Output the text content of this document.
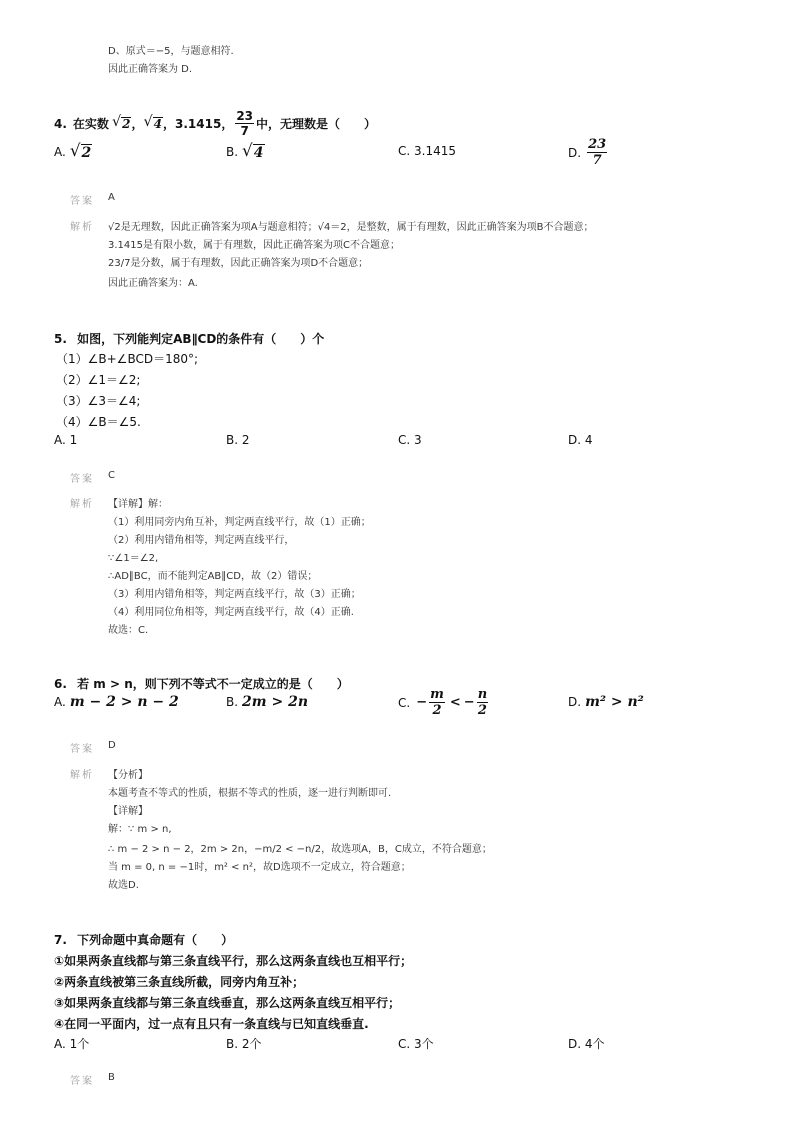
D、原式＝−5，与题意相符.
因此正确答案为 D.
4. 在实数 √ 2 ， √ 4 ，3.1415， $\frac{23}{7}$ 中，无理数是（　　）
A. √ 2	B. √ 4	C. 3.1415	D. $\frac{23}{7}$
答案 A
解析 √2是无理数，因此正确答案为项A与题意相符；√4＝2，是整数，属于有理数，因此正确答案为项B不合题意；
3.1415是有限小数，属于有理数，因此正确答案为项C不合题意；
23/7是分数，属于有理数，因此正确答案为项D不合题意；
因此正确答案为：A.
5. 如图，下列能判定AB∥CD的条件有（　　）个
（1）∠B+∠BCD＝180°;
（2）∠1＝∠2;
（3）∠3＝∠4;
（4）∠B＝∠5.
A. 1	B. 2	C. 3	D. 4
答案 C
解析 【详解】解：
（1）利用同旁内角互补，判定两直线平行，故（1）正确；
（2）利用内错角相等，判定两直线平行，
∵∠1＝∠2,
∴AD∥BC，而不能判定AB∥CD，故（2）错误；
（3）利用内错角相等，判定两直线平行，故（3）正确；
（4）利用同位角相等，判定两直线平行，故（4）正确.
故选：C.
6. 若 m > n，则下列不等式不一定成立的是（　　）
A. m − 2 > n − 2	B. 2m > 2n	C. − $\frac{m}{2}$ < − $\frac{n}{2}$	D. m² > n²
答案 D
解析 【分析】
本题考查不等式的性质，根据不等式的性质，逐一进行判断即可.
【详解】
解：∵ m > n,
∴ m − 2 > n − 2，2m > 2n，−m/2 < −n/2，故选项A，B，C成立，不符合题意；
当 m = 0, n = −1时，m² < n²，故D选项不一定成立，符合题意；
故选D.
7. 下列命题中真命题有（　　）
①如果两条直线都与第三条直线平行，那么这两条直线也互相平行；
②两条直线被第三条直线所截，同旁内角互补；
③如果两条直线都与第三条直线垂直，那么这两条直线互相平行；
④在同一平面内，过一点有且只有一条直线与已知直线垂直.
A. 1个	B. 2个	C. 3个	D. 4个
答案 B
